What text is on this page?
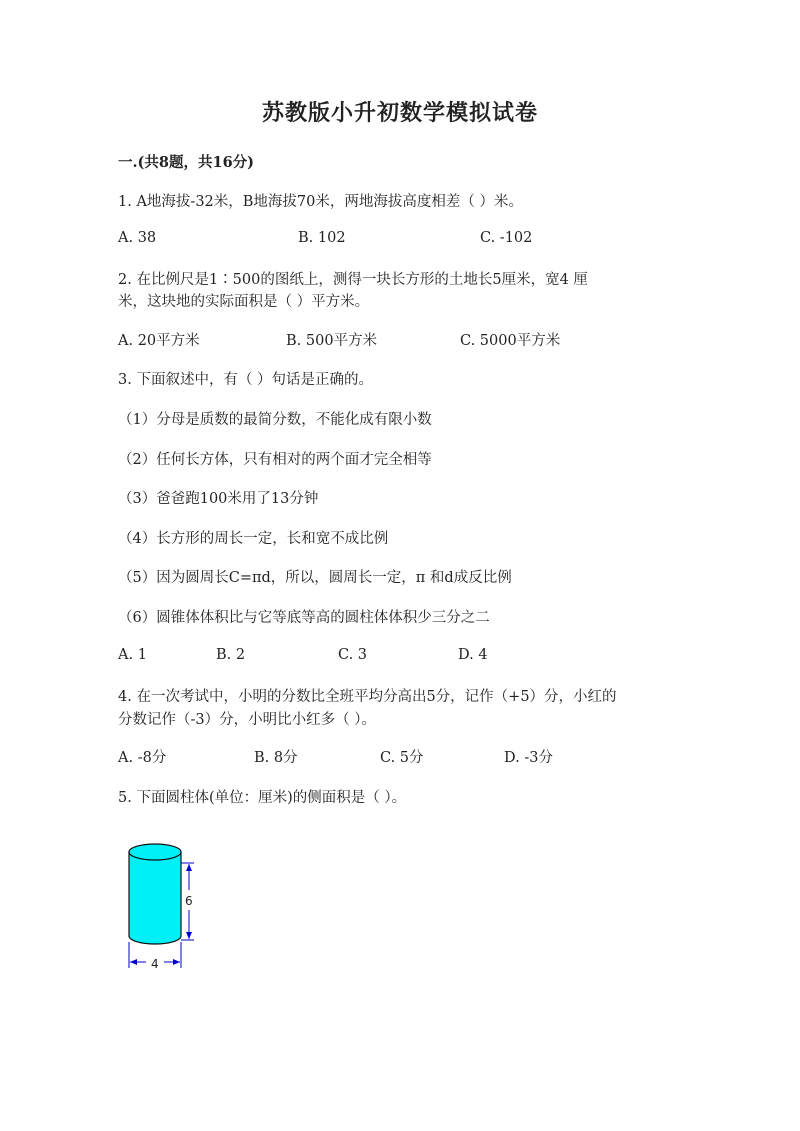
苏教版小升初数学模拟试卷
一.(共8题，共16分)
1. A地海拔-32米，B地海拔70米，两地海拔高度相差（ ）米。
A. 38	B. 102	C. -102
2. 在比例尺是1∶500的图纸上，测得一块长方形的土地长5厘米，宽4 厘
米，这块地的实际面积是（ ）平方米。
A. 20平方米	B. 500平方米	C. 5000平方米
3. 下面叙述中，有（ ）句话是正确的。
（1）分母是质数的最简分数，不能化成有限小数
（2）任何长方体，只有相对的两个面才完全相等
（3）爸爸跑100米用了13分钟
（4）长方形的周长一定，长和宽不成比例
（5）因为圆周长C=πd，所以，圆周长一定，π 和d成反比例
（6）圆锥体体积比与它等底等高的圆柱体体积少三分之二
A. 1	B. 2	C. 3	D. 4
4. 在一次考试中，小明的分数比全班平均分高出5分，记作（+5）分，小红的
分数记作（-3）分，小明比小红多（ ）。
A. -8分	B. 8分	C. 5分	D. -3分
5. 下面圆柱体(单位：厘米)的侧面积是（ ）。
6
4
